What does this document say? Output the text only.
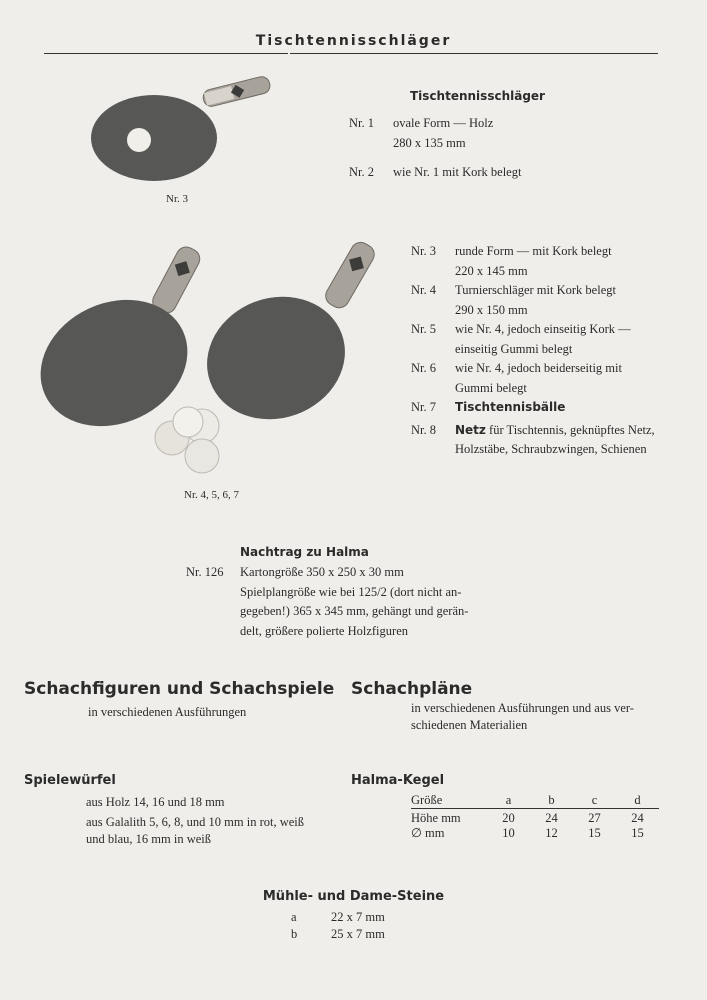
Tischtennisschläger
Nr. 3
Tischtennisschläger
Nr. 1	ovale Form — Holz
280 x 135 mm
Nr. 2	wie Nr. 1 mit Kork belegt
Nr. 4, 5, 6, 7
Nr. 3	runde Form — mit Kork belegt
220 x 145 mm
Nr. 4	Turnierschläger mit Kork belegt
290 x 150 mm
Nr. 5	wie Nr. 4, jedoch einseitig Kork —
einseitig Gummi belegt
Nr. 6	wie Nr. 4, jedoch beiderseitig mit
Gummi belegt
Nr. 7	Tischtennisbälle
Nr. 8	Netz für Tischtennis, geknüpftes Netz,
Holzstäbe, Schraubzwingen, Schienen
Nachtrag zu Halma
Nr. 126	Kartongröße 350 x 250 x 30 mm
Spielplangröße wie bei 125/2 (dort nicht an-
gegeben!) 365 x 345 mm, gehängt und gerän-
delt, größere polierte Holzfiguren
Schachfiguren und Schachspiele
in verschiedenen Ausführungen
Schachpläne
in verschiedenen Ausführungen und aus ver-
schiedenen Materialien
Spielewürfel
aus Holz 14, 16 und 18 mm
aus Galalith 5, 6, 8, und 10 mm in rot, weiß
und blau, 16 mm in weiß
Halma-Kegel
Größe	a	b	c	d
Höhe mm	20	24	27	24
∅ mm	10	12	15	15
Mühle- und Dame-Steine
a	22 x 7 mm
b	25 x 7 mm
